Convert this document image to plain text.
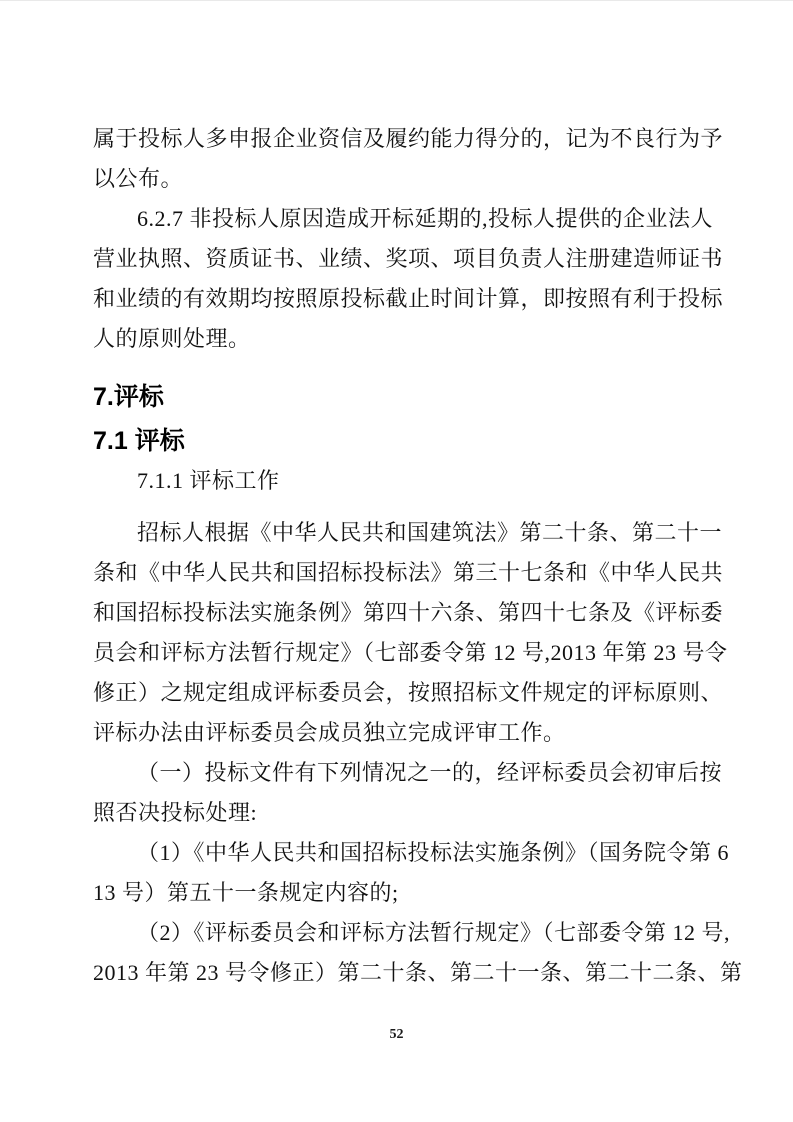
属于投标人多申报企业资信及履约能力得分的，记为不良行为予
以公布。
6.2.7 非投标人原因造成开标延期的,投标人提供的企业法人
营业执照、资质证书、业绩、奖项、项目负责人注册建造师证书
和业绩的有效期均按照原投标截止时间计算，即按照有利于投标
人的原则处理。
7.评标
7.1 评标
7.1.1 评标工作
招标人根据《中华人民共和国建筑法》第二十条、第二十一
条和《中华人民共和国招标投标法》第三十七条和《中华人民共
和国招标投标法实施条例》第四十六条、第四十七条及《评标委
员会和评标方法暂行规定》（七部委令第 12 号,2013 年第 23 号令
修正）之规定组成评标委员会，按照招标文件规定的评标原则、
评标办法由评标委员会成员独立完成评审工作。
（一）投标文件有下列情况之一的，经评标委员会初审后按
照否决投标处理:
（1）《中华人民共和国招标投标法实施条例》（国务院令第 6
13 号）第五十一条规定内容的;
（2）《评标委员会和评标方法暂行规定》（七部委令第 12 号,
2013 年第 23 号令修正）第二十条、第二十一条、第二十二条、第
52
